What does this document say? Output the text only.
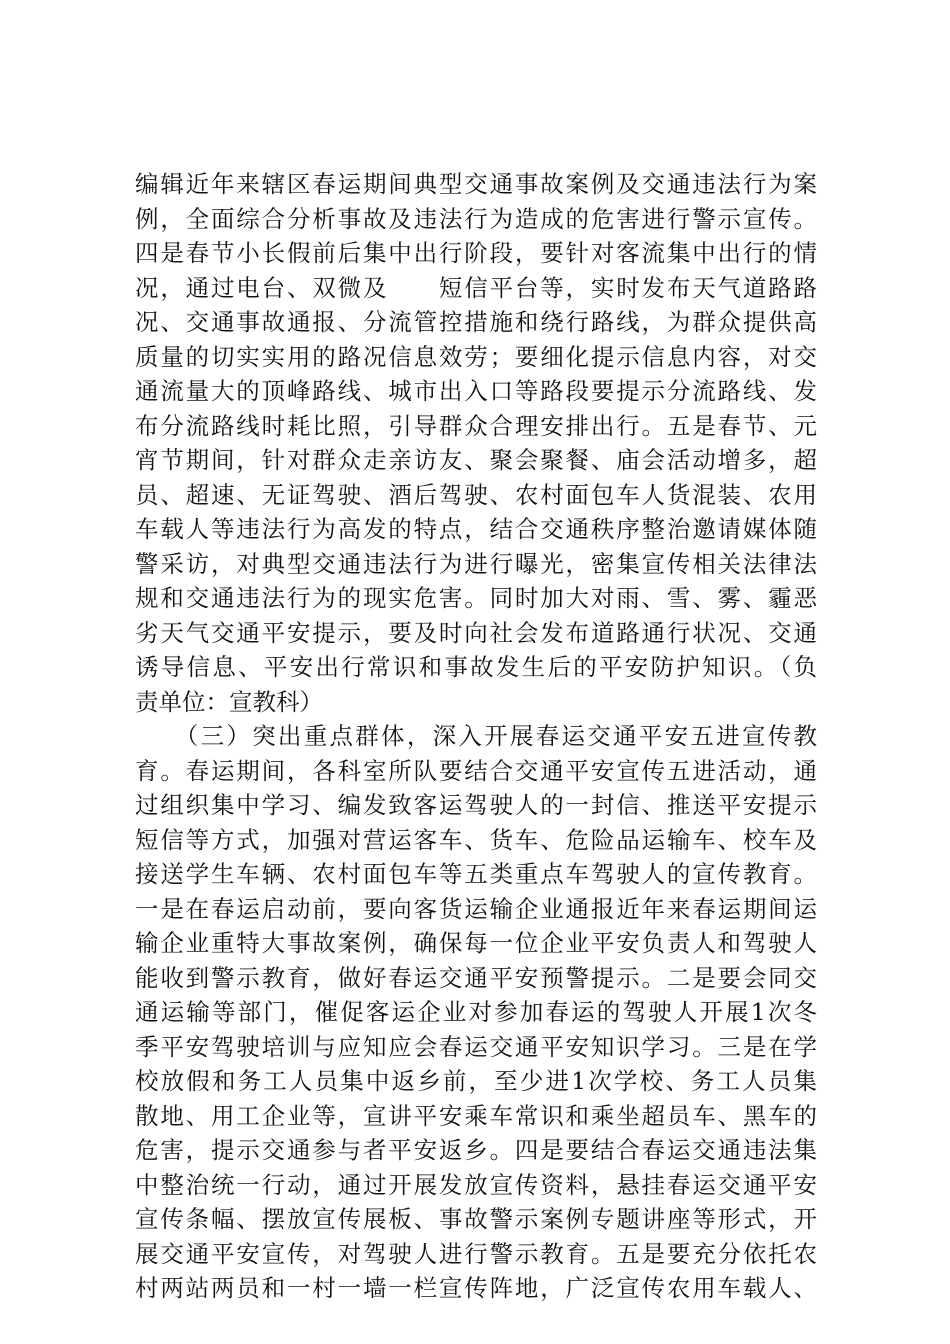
编辑近年来辖区春运期间典型交通事故案例及交通违法行为案
例，全面综合分析事故及违法行为造成的危害进行警示宣传。
四是春节小长假前后集中出行阶段，要针对客流集中出行的情
况，通过电台、双微及　　短信平台等，实时发布天气道路路
况、交通事故通报、分流管控措施和绕行路线，为群众提供高
质量的切实实用的路况信息效劳；要细化提示信息内容，对交
通流量大的顶峰路线、城市出入口等路段要提示分流路线、发
布分流路线时耗比照，引导群众合理安排出行。五是春节、元
宵节期间，针对群众走亲访友、聚会聚餐、庙会活动增多，超
员、超速、无证驾驶、酒后驾驶、农村面包车人货混装、农用
车载人等违法行为高发的特点，结合交通秩序整治邀请媒体随
警采访，对典型交通违法行为进行曝光，密集宣传相关法律法
规和交通违法行为的现实危害。同时加大对雨、雪、雾、霾恶
劣天气交通平安提示，要及时向社会发布道路通行状况、交通
诱导信息、平安出行常识和事故发生后的平安防护知识。（负
责单位：宣教科）
　　（三）突出重点群体，深入开展春运交通平安五进宣传教
育。春运期间，各科室所队要结合交通平安宣传五进活动，通
过组织集中学习、编发致客运驾驶人的一封信、推送平安提示
短信等方式，加强对营运客车、货车、危险品运输车、校车及
接送学生车辆、农村面包车等五类重点车驾驶人的宣传教育。
一是在春运启动前，要向客货运输企业通报近年来春运期间运
输企业重特大事故案例，确保每一位企业平安负责人和驾驶人
能收到警示教育，做好春运交通平安预警提示。二是要会同交
通运输等部门，催促客运企业对参加春运的驾驶人开展1次冬
季平安驾驶培训与应知应会春运交通平安知识学习。三是在学
校放假和务工人员集中返乡前，至少进1次学校、务工人员集
散地、用工企业等，宣讲平安乘车常识和乘坐超员车、黑车的
危害，提示交通参与者平安返乡。四是要结合春运交通违法集
中整治统一行动，通过开展发放宣传资料，悬挂春运交通平安
宣传条幅、摆放宣传展板、事故警示案例专题讲座等形式，开
展交通平安宣传，对驾驶人进行警示教育。五是要充分依托农
村两站两员和一村一墙一栏宣传阵地，广泛宣传农用车载人、
